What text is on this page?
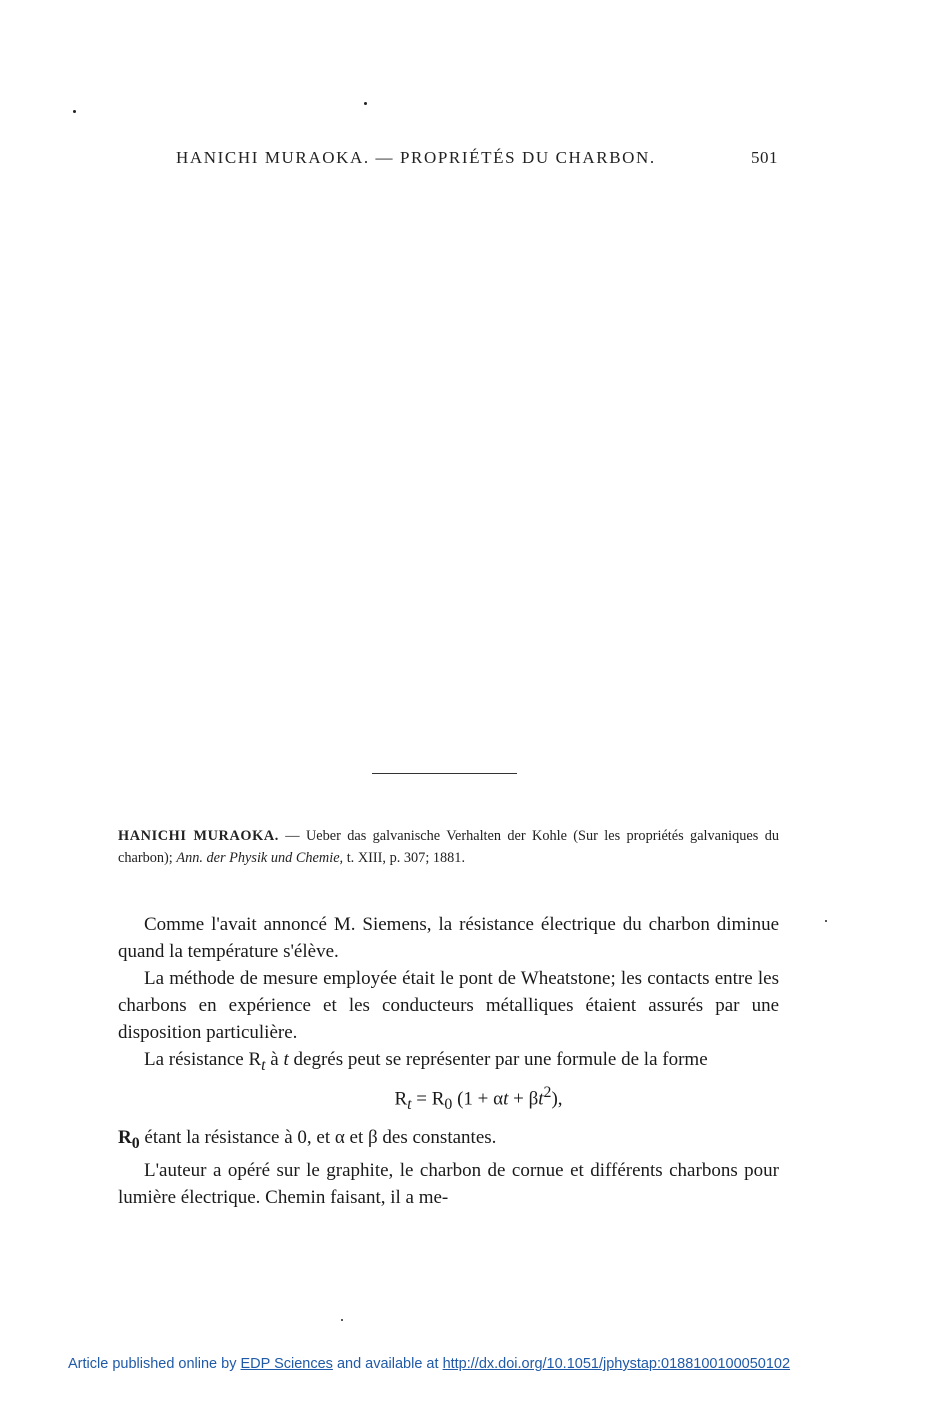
HANICHI MURAOKA. — PROPRIÉTÉS DU CHARBON.	501
HANICHI MURAOKA. — Ueber das galvanische Verhalten der Kohle (Sur les propriétés galvaniques du charbon); Ann. der Physik und Chemie, t. XIII, p. 307; 1881.

Comme l'avait annoncé M. Siemens, la résistance électrique du charbon diminue quand la température s'élève.

La méthode de mesure employée était le pont de Wheatstone; les contacts entre les charbons en expérience et les conducteurs métalliques étaient assurés par une disposition particulière.

La résistance $R_t$ à t degrés peut se représenter par une formule de la forme

$R_t = R_0$ $(1 + \alpha t + \beta t^2)$,

$R_0$ étant la résistance à 0, et α et β des constantes.

L'auteur a opéré sur le graphite, le charbon de cornue et différents charbons pour lumière électrique. Chemin faisant, il a me-

Article published online by EDP Sciences and available at http://dx.doi.org/10.1051/jphystap:0188100100050102
